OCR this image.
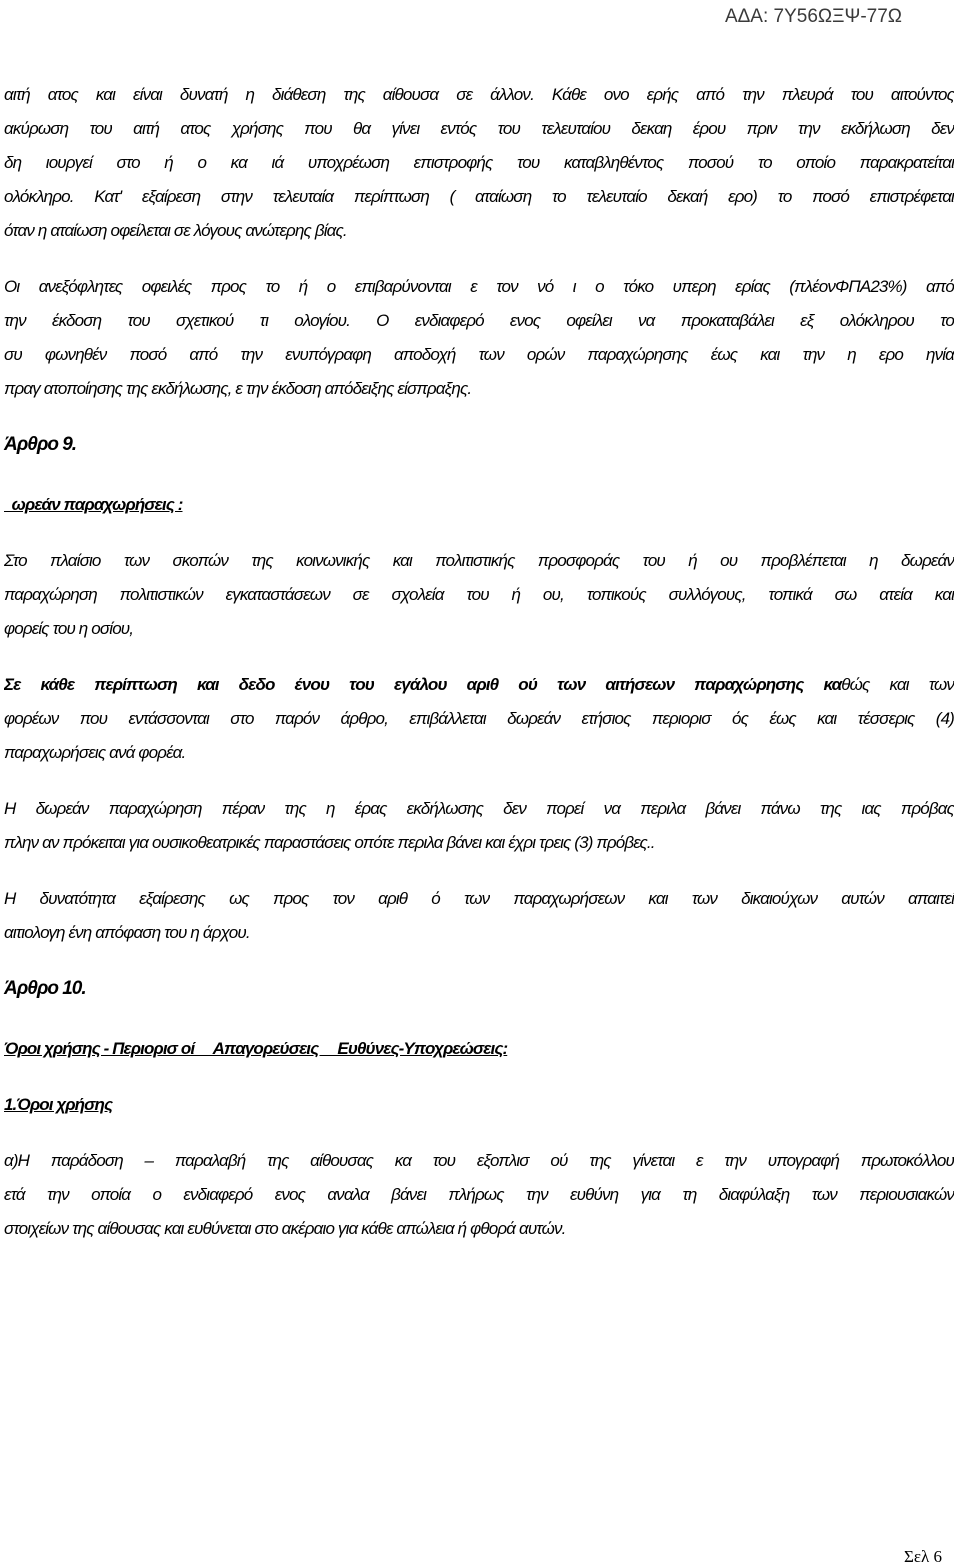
ΑΔΑ: 7Υ56ΩΞΨ-77Ω
αιτή ατος και είναι δυνατή η διάθεση της αίθουσα σε άλλον. Κάθε ονο ερής από την πλευρά του αιτούντος
ακύρωση του αιτή ατος χρήσης που θα γίνει εντός του τελευταίου δεκαη έρου πριν την εκδήλωση δεν
δη ιουργεί στο ή ο κα ιά υποχρέωση επιστροφής του καταβληθέντος ποσού το οποίο παρακρατείται
ολόκληρο. Κατ' εξαίρεση στην τελευταία περίπτωση ( αταίωση το τελευταίο δεκαή ερο) το ποσό επιστρέφεται
όταν η αταίωση οφείλεται σε λόγους ανώτερης βίας.
Οι ανεξόφλητες οφειλές προς το ή ο επιβαρύνονται ε τον νό ι ο τόκο υπερη ερίας (πλέονΦΠΑ23%) από
την έκδοση του σχετικού τι ολογίου. Ο ενδιαφερό ενος οφείλει να προκαταβάλει εξ ολόκληρου το
συ φωνηθέν ποσό από την ενυπόγραφη αποδοχή των ορών παραχώρησης έως και την η ερο ηνία
πραγ ατοποίησης της εκδήλωσης, ε την έκδοση απόδειξης είσπραξης.
Άρθρο 9.
ωρεάν παραχωρήσεις :
Στο πλαίσιο των σκοπών της κοινωνικής και πολιτιστικής προσφοράς του ή ου προβλέπεται η δωρεάν
παραχώρηση πολιτιστικών εγκαταστάσεων σε σχολεία του ή ου, τοπικούς συλλόγους, τοπικά σω ατεία και
φορείς του η οσίου,
Σε κάθε περίπτωση και δεδο ένου του εγάλου αριθ ού των αιτήσεων παραχώρησης καθώς και των
φορέων που εντάσσονται στο παρόν άρθρο, επιβάλλεται δωρεάν ετήσιος περιορισ ός έως και τέσσερις (4)
παραχωρήσεις ανά φορέα.
Η δωρεάν παραχώρηση πέραν της η έρας εκδήλωσης δεν πορεί να περιλα βάνει πάνω της ιας πρόβας
πλην αν πρόκειται για ουσικοθεατρικές παραστάσεις οπότε περιλα βάνει και έχρι τρεις (3) πρόβες..
Η δυνατότητα εξαίρεσης ως προς τον αριθ ό των παραχωρήσεων και των δικαιούχων αυτών απαιτεί
αιτιολογη ένη απόφαση του η άρχου.
Άρθρο 10.
Όροι χρήσης - Περιορισ οί     Απαγορεύσεις     Ευθύνες-Υποχρεώσεις:
1.Όροι χρήσης
α)Η παράδοση – παραλαβή της αίθουσας κα του εξοπλισ ού της γίνεται ε την υπογραφή πρωτοκόλλου
ετά την οποία ο ενδιαφερό ενος αναλα βάνει πλήρως την ευθύνη για τη διαφύλαξη των περιουσιακών
στοιχείων της αίθουσας και ευθύνεται στο ακέραιο για κάθε απώλεια ή φθορά αυτών.
Σελ 6
